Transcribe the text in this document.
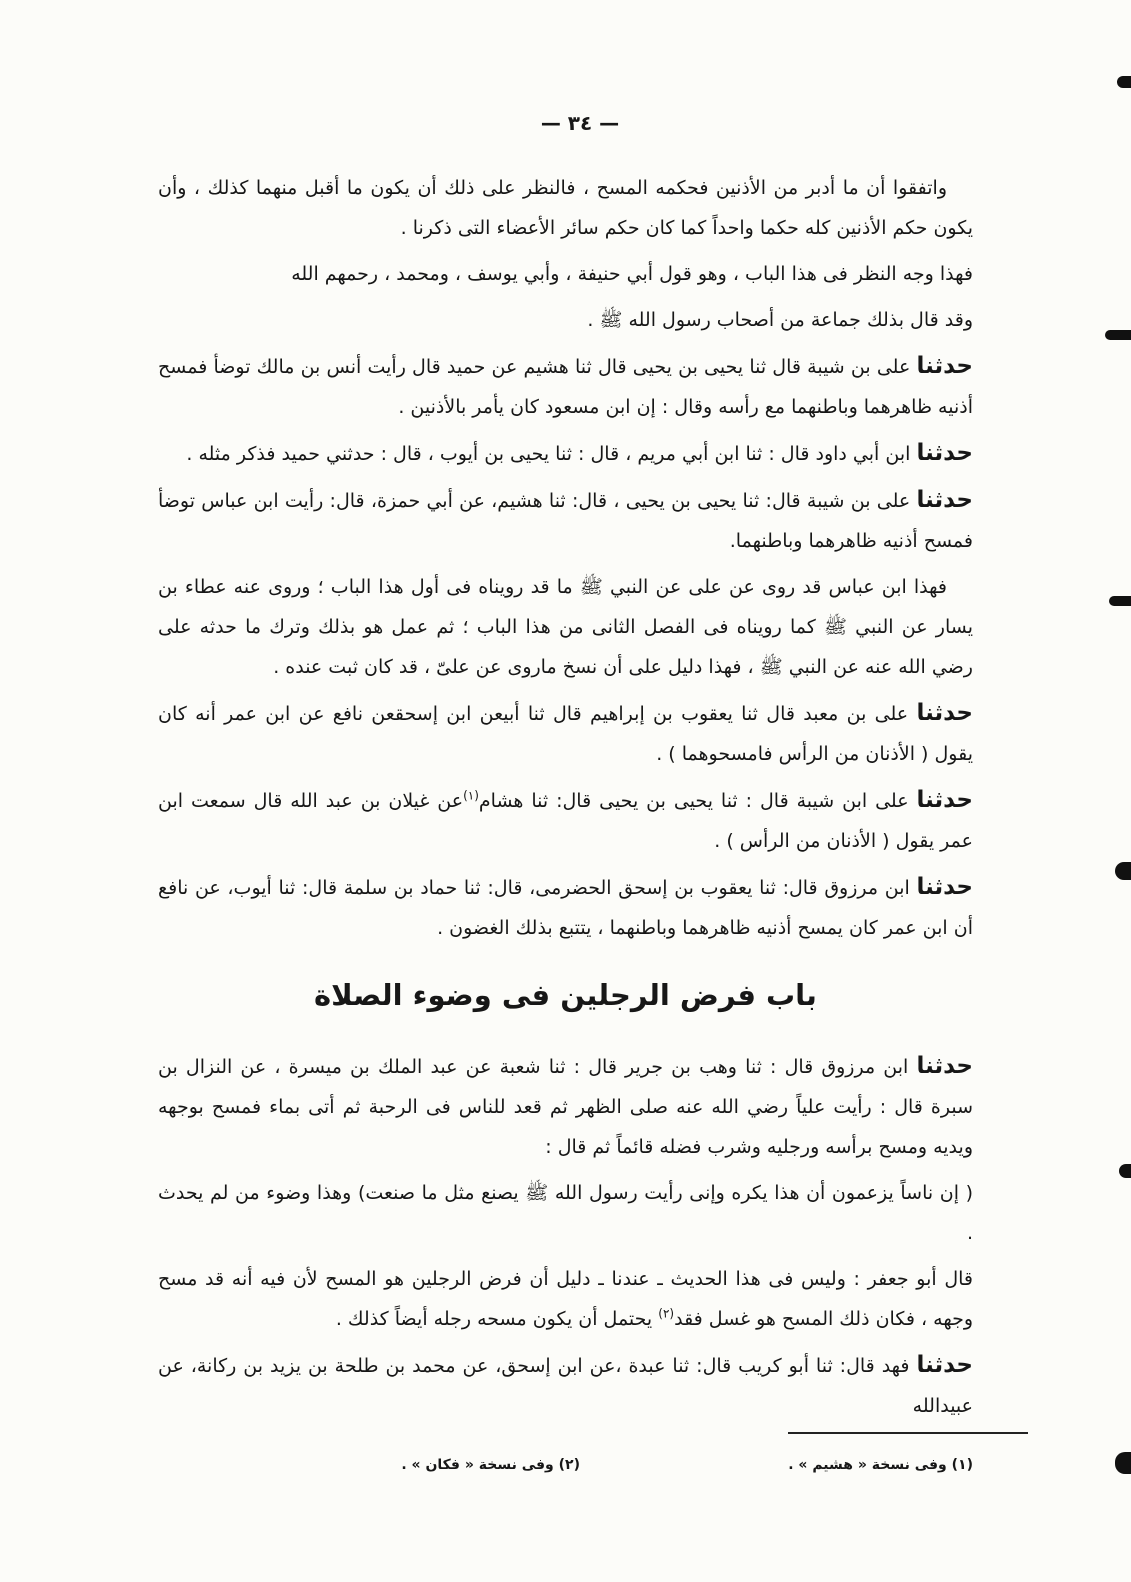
— ٣٤ —

واتفقوا أن ما أدبر من الأذنين فحكمه المسح ، فالنظر على ذلك أن يكون ما أقبل منهما كذلك ، وأن يكون حكم الأذنين كله حكما واحداً كما كان حكم سائر الأعضاء التى ذكرنا .

فهذا وجه النظر فى هذا الباب ، وهو قول أبي حنيفة ، وأبي يوسف ، ومحمد ، رحمهم الله

وقد قال بذلك جماعة من أصحاب رسول الله ﷺ .

حدثنا على بن شيبة قال ثنا يحيى بن يحيى قال ثنا هشيم عن حميد قال رأيت أنس بن مالك توضأ فمسح أذنيه ظاهرهما وباطنهما مع رأسه وقال : إن ابن مسعود كان يأمر بالأذنين .

حدثنا ابن أبي داود قال : ثنا ابن أبي مريم ، قال : ثنا يحيى بن أيوب ، قال : حدثني حميد فذكر مثله .

حدثنا على بن شيبة قال: ثنا يحيى بن يحيى ، قال: ثنا هشيم، عن أبي حمزة، قال: رأيت ابن عباس توضأ فمسح أذنيه ظاهرهما وباطنهما.

فهذا ابن عباس قد روى عن على عن النبي ﷺ ما قد رويناه فى أول هذا الباب ؛ وروى عنه عطاء بن يسار عن النبي ﷺ كما رويناه فى الفصل الثانى من هذا الباب ؛ ثم عمل هو بذلك وترك ما حدثه على رضي الله عنه عن النبي ﷺ ، فهذا دليل على أن نسخ ماروى عن علىّ ، قد كان ثبت عنده .

حدثنا على بن معبد قال ثنا يعقوب بن إبراهيم قال ثنا أبيعن ابن إسحقعن نافع عن ابن عمر أنه كان يقول ( الأذنان من الرأس فامسحوهما ) .

حدثنا على ابن شيبة قال : ثنا يحيى بن يحيى قال: ثنا هشام$^{(١)}$عن غيلان بن عبد الله قال سمعت ابن عمر يقول ( الأذنان من الرأس ) .

حدثنا ابن مرزوق قال: ثنا يعقوب بن إسحق الحضرمى، قال: ثنا حماد بن سلمة قال: ثنا أيوب، عن نافع أن ابن عمر كان يمسح أذنيه ظاهرهما وباطنهما ، يتتبع بذلك الغضون .

باب فرض الرجلين فى وضوء الصلاة

حدثنا ابن مرزوق قال : ثنا وهب بن جرير قال : ثنا شعبة عن عبد الملك بن ميسرة ، عن النزال بن سبرة قال : رأيت علياً رضي الله عنه صلى الظهر ثم قعد للناس فى الرحبة ثم أتى بماء فمسح بوجهه ويديه ومسح برأسه ورجليه وشرب فضله قائماً ثم قال :

( إن ناساً يزعمون أن هذا يكره وإنى رأيت رسول الله ﷺ يصنع مثل ما صنعت) وهذا وضوء من لم يحدث .

قال أبو جعفر : وليس فى هذا الحديث ـ عندنا ـ دليل أن فرض الرجلين هو المسح لأن فيه أنه قد مسح وجهه ، فكان ذلك المسح هو غسل فقد$^{(٢)}$ يحتمل أن يكون مسحه رجله أيضاً كذلك .

حدثنا فهد قال: ثنا أبو كريب قال: ثنا عبدة ،عن ابن إسحق، عن محمد بن طلحة بن يزيد بن ركانة، عن عبيدالله

(١) وفى نسخة « هشيم » .
(٢) وفى نسخة « فكان » .
